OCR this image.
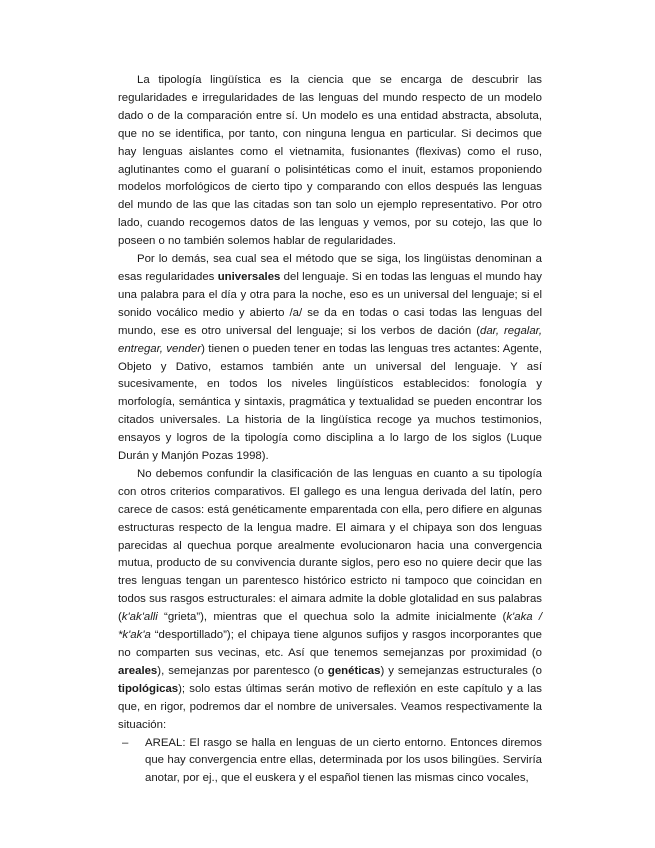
La tipología lingüística es la ciencia que se encarga de descubrir las regularidades e irregularidades de las lenguas del mundo respecto de un modelo dado o de la comparación entre sí. Un modelo es una entidad abstracta, absoluta, que no se identifica, por tanto, con ninguna lengua en particular. Si decimos que hay lenguas aislantes como el vietnamita, fusionantes (flexivas) como el ruso, aglutinantes como el guaraní o polisintéticas como el inuit, estamos proponiendo modelos morfológicos de cierto tipo y comparando con ellos después las lenguas del mundo de las que las citadas son tan solo un ejemplo representativo. Por otro lado, cuando recogemos datos de las lenguas y vemos, por su cotejo, las que lo poseen o no también solemos hablar de regularidades.

Por lo demás, sea cual sea el método que se siga, los lingüistas denominan a esas regularidades universales del lenguaje. Si en todas las lenguas el mundo hay una palabra para el día y otra para la noche, eso es un universal del lenguaje; si el sonido vocálico medio y abierto /a/ se da en todas o casi todas las lenguas del mundo, ese es otro universal del lenguaje; si los verbos de dación (dar, regalar, entregar, vender) tienen o pueden tener en todas las lenguas tres actantes: Agente, Objeto y Dativo, estamos también ante un universal del lenguaje. Y así sucesivamente, en todos los niveles lingüísticos establecidos: fonología y morfología, semántica y sintaxis, pragmática y textualidad se pueden encontrar los citados universales. La historia de la lingüística recoge ya muchos testimonios, ensayos y logros de la tipología como disciplina a lo largo de los siglos (Luque Durán y Manjón Pozas 1998).

No debemos confundir la clasificación de las lenguas en cuanto a su tipología con otros criterios comparativos. El gallego es una lengua derivada del latín, pero carece de casos: está genéticamente emparentada con ella, pero difiere en algunas estructuras respecto de la lengua madre. El aimara y el chipaya son dos lenguas parecidas al quechua porque arealmente evolucionaron hacia una convergencia mutua, producto de su convivencia durante siglos, pero eso no quiere decir que las tres lenguas tengan un parentesco histórico estricto ni tampoco que coincidan en todos sus rasgos estructurales: el aimara admite la doble glotalidad en sus palabras (k'ak'alli “grieta”), mientras que el quechua solo la admite inicialmente (k'aka / *k'ak'a “desportillado”); el chipaya tiene algunos sufijos y rasgos incorporantes que no comparten sus vecinas, etc. Así que tenemos semejanzas por proximidad (o areales), semejanzas por parentesco (o genéticas) y semejanzas estructurales (o tipológicas); solo estas últimas serán motivo de reflexión en este capítulo y a las que, en rigor, podremos dar el nombre de universales. Veamos respectivamente la situación:

– AREAL: El rasgo se halla en lenguas de un cierto entorno. Entonces diremos que hay convergencia entre ellas, determinada por los usos bilingües. Serviría anotar, por ej., que el euskera y el español tienen las mismas cinco vocales,
